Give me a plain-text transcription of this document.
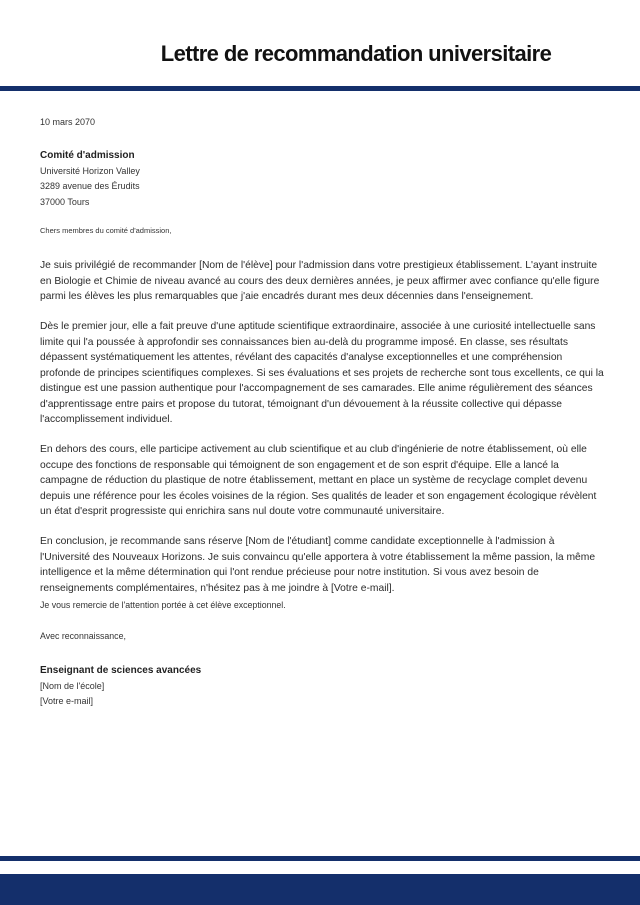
Lettre de recommandation universitaire
10 mars 2070
Comité d'admission
Université Horizon Valley
3289 avenue des Érudits
37000 Tours
Chers membres du comité d'admission,

Je suis privilégié de recommander [Nom de l'élève] pour l'admission dans votre prestigieux établissement. L'ayant instruite en Biologie et Chimie de niveau avancé au cours des deux dernières années, je peux affirmer avec confiance qu'elle figure parmi les élèves les plus remarquables que j'aie encadrés durant mes deux décennies dans l'enseignement.

Dès le premier jour, elle a fait preuve d'une aptitude scientifique extraordinaire, associée à une curiosité intellectuelle sans limite qui l'a poussée à approfondir ses connaissances bien au-delà du programme imposé. En classe, ses résultats dépassent systématiquement les attentes, révélant des capacités d'analyse exceptionnelles et une compréhension profonde de principes scientifiques complexes. Si ses évaluations et ses projets de recherche sont tous excellents, ce qui la distingue est une passion authentique pour l'accompagnement de ses camarades. Elle anime régulièrement des séances d'apprentissage entre pairs et propose du tutorat, témoignant d'un dévouement à la réussite collective qui dépasse l'accomplissement individuel.

En dehors des cours, elle participe activement au club scientifique et au club d'ingénierie de notre établissement, où elle occupe des fonctions de responsable qui témoignent de son engagement et de son esprit d'équipe. Elle a lancé la campagne de réduction du plastique de notre établissement, mettant en place un système de recyclage complet devenu depuis une référence pour les écoles voisines de la région. Ses qualités de leader et son engagement écologique révèlent un état d'esprit progressiste qui enrichira sans nul doute votre communauté universitaire.

En conclusion, je recommande sans réserve [Nom de l'étudiant] comme candidate exceptionnelle à l'admission à l'Université des Nouveaux Horizons. Je suis convaincu qu'elle apportera à votre établissement la même passion, la même intelligence et la même détermination qui l'ont rendue précieuse pour notre institution. Si vous avez besoin de renseignements complémentaires, n'hésitez pas à me joindre à [Votre e-mail].

Je vous remercie de l'attention portée à cet élève exceptionnel.
Avec reconnaissance,
Enseignant de sciences avancées
[Nom de l'école]
[Votre e-mail]
